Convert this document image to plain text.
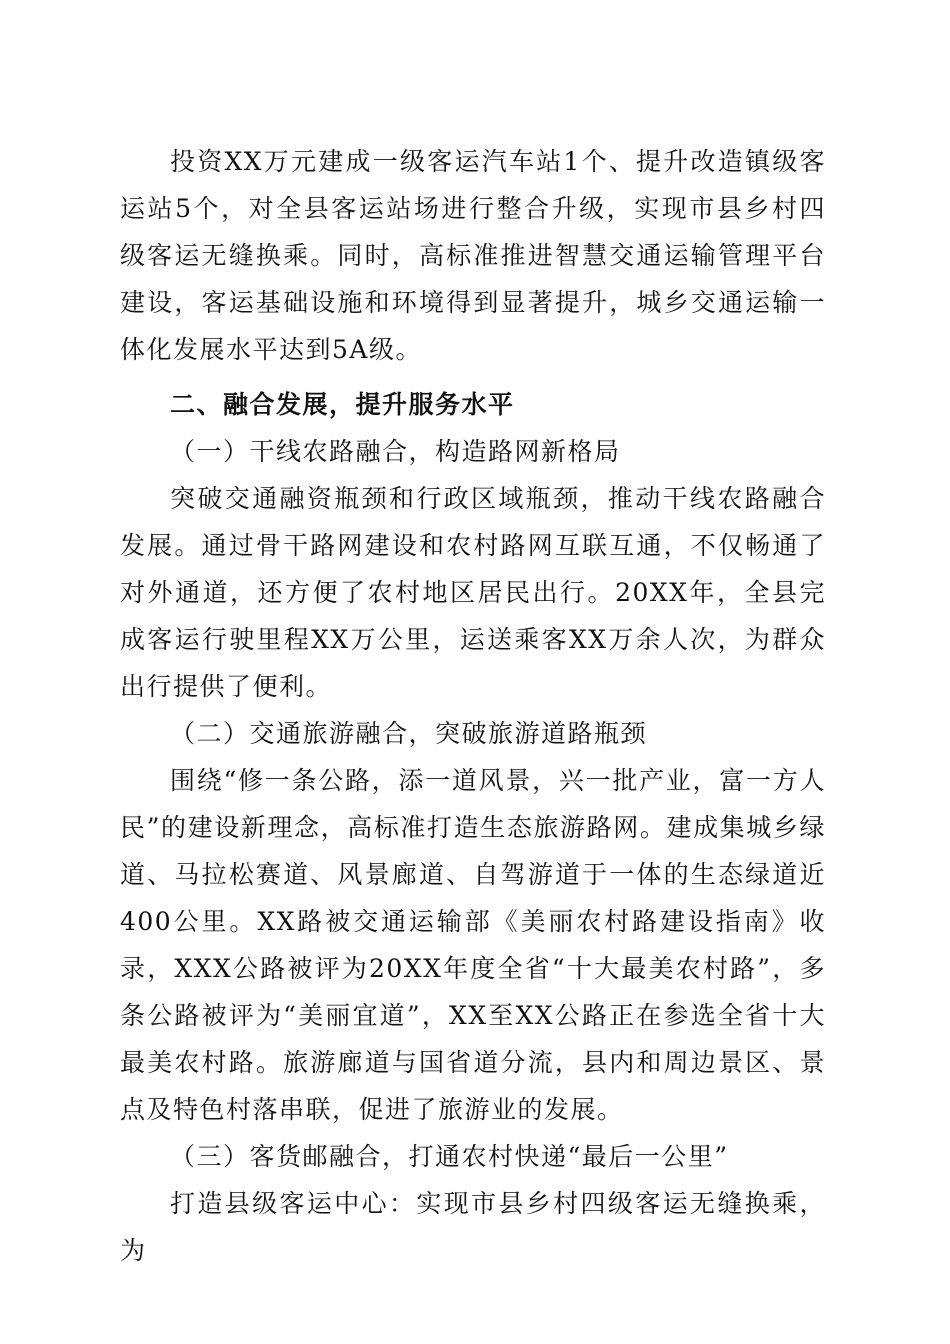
投资XX万元建成一级客运汽车站1个、提升改造镇级客运站5个，对全县客运站场进行整合升级，实现市县乡村四级客运无缝换乘。同时，高标准推进智慧交通运输管理平台建设，客运基础设施和环境得到显著提升，城乡交通运输一体化发展水平达到5A级。

二、融合发展，提升服务水平

（一）干线农路融合，构造路网新格局

突破交通融资瓶颈和行政区域瓶颈，推动干线农路融合发展。通过骨干路网建设和农村路网互联互通，不仅畅通了对外通道，还方便了农村地区居民出行。20XX年，全县完成客运行驶里程XX万公里，运送乘客XX万余人次，为群众出行提供了便利。

（二）交通旅游融合，突破旅游道路瓶颈

围绕“修一条公路，添一道风景，兴一批产业，富一方人民”的建设新理念，高标准打造生态旅游路网。建成集城乡绿道、马拉松赛道、风景廊道、自驾游道于一体的生态绿道近400公里。XX路被交通运输部《美丽农村路建设指南》收录，XXX公路被评为20XX年度全省“十大最美农村路”，多条公路被评为“美丽宜道”，XX至XX公路正在参选全省十大最美农村路。旅游廊道与国省道分流，县内和周边景区、景点及特色村落串联，促进了旅游业的发展。

（三）客货邮融合，打通农村快递“最后一公里”

打造县级客运中心：实现市县乡村四级客运无缝换乘，为
